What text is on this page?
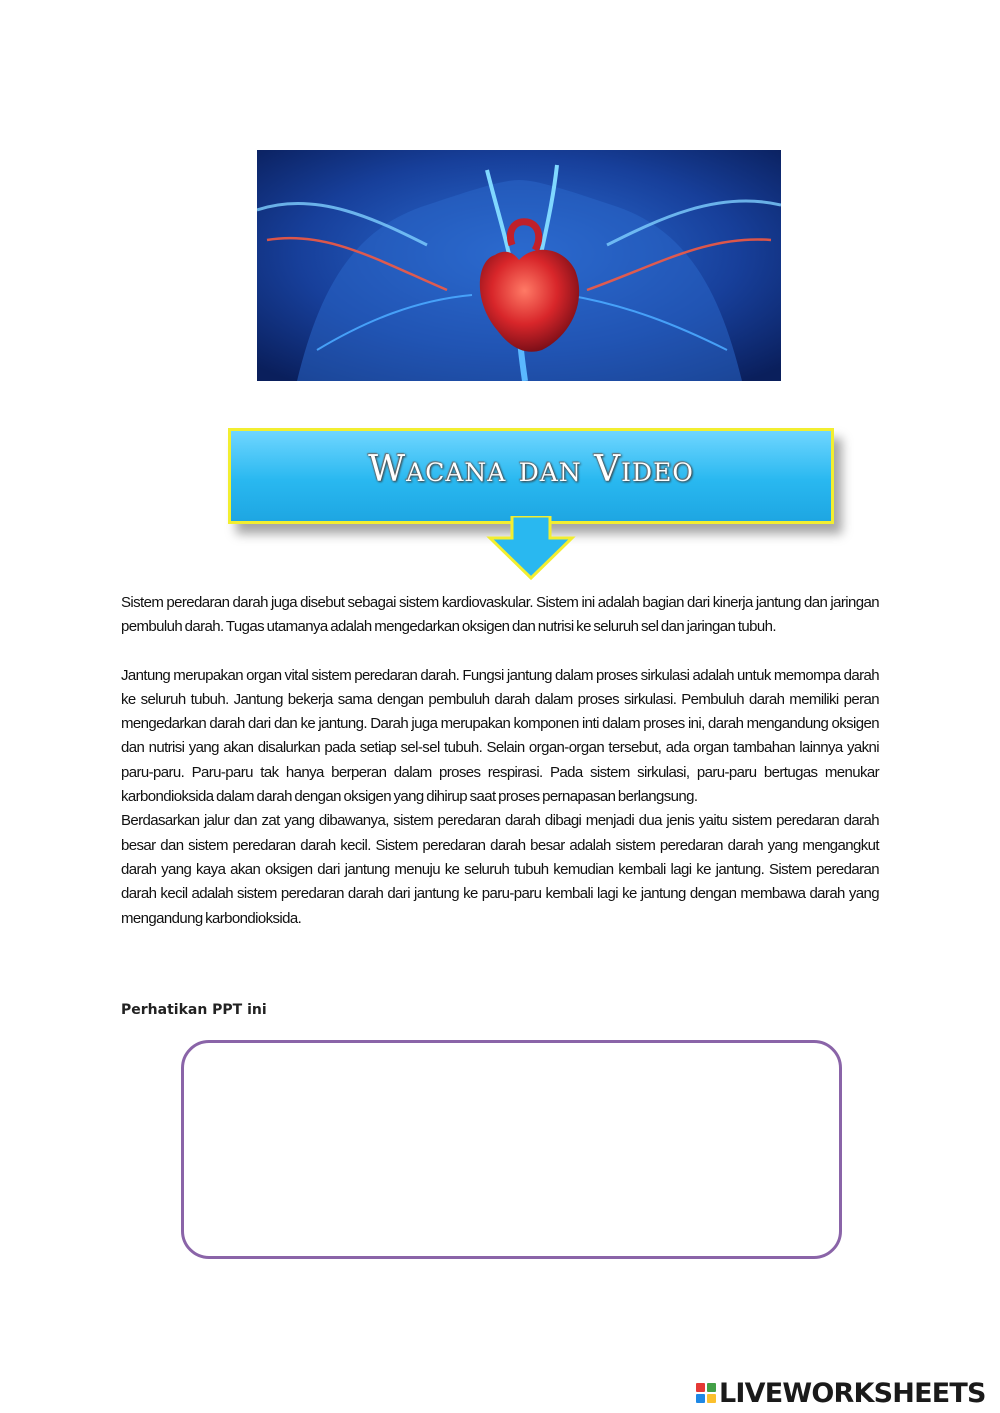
Wacana dan Video

Sistem peredaran darah juga disebut sebagai sistem kardiovaskular. Sistem ini adalah bagian dari kinerja jantung dan jaringan pembuluh darah. Tugas utamanya adalah mengedarkan oksigen dan nutrisi ke seluruh sel dan jaringan tubuh.

Jantung merupakan organ vital sistem peredaran darah. Fungsi jantung dalam proses sirkulasi adalah untuk memompa darah ke seluruh tubuh. Jantung bekerja sama dengan pembuluh darah dalam proses sirkulasi. Pembuluh darah memiliki peran mengedarkan darah dari dan ke jantung. Darah juga merupakan komponen inti dalam proses ini, darah mengandung oksigen dan nutrisi yang akan disalurkan pada setiap sel-sel tubuh. Selain organ-organ tersebut, ada organ tambahan lainnya yakni paru-paru. Paru-paru tak hanya berperan dalam proses respirasi. Pada sistem sirkulasi, paru-paru bertugas menukar karbondioksida dalam darah dengan oksigen yang dihirup saat proses pernapasan berlangsung.

Berdasarkan jalur dan zat yang dibawanya, sistem peredaran darah dibagi menjadi dua jenis yaitu sistem peredaran darah besar dan sistem peredaran darah kecil. Sistem peredaran darah besar adalah sistem peredaran darah yang mengangkut darah yang kaya akan oksigen dari jantung menuju ke seluruh tubuh kemudian kembali lagi ke jantung. Sistem peredaran darah kecil adalah sistem peredaran darah dari jantung ke paru-paru kembali lagi ke jantung dengan membawa darah yang mengandung karbondioksida.

Perhatikan PPT ini
LIVEWORKSHEETS
